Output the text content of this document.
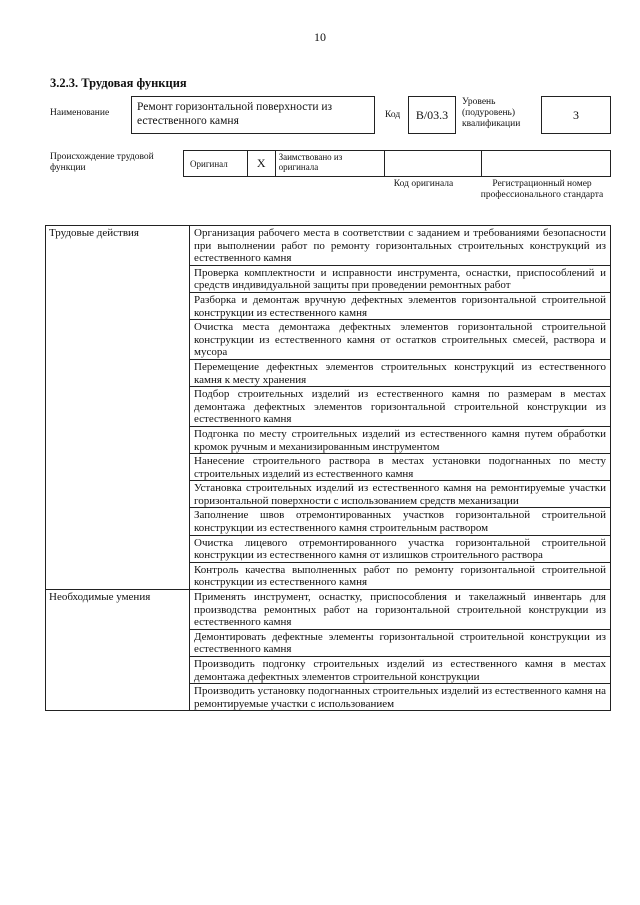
10
3.2.3. Трудовая функция
Наименование	Ремонт горизонтальной поверхности из естественного камня	Код	B/03.3
Уровень (подуровень) квалификации
3
Происхождение трудовой функции	Оригинал	X	Заимствовано из оригинала
Код оригинала	Регистрационный номер профессионального стандарта
Трудовые действия	Организация рабочего места в соответствии с заданием и требованиями безопасности при выполнении работ по ремонту горизонтальных строительных конструкций из естественного камня
	Проверка комплектности и исправности инструмента, оснастки, приспособлений и средств индивидуальной защиты при проведении ремонтных работ
	Разборка и демонтаж вручную дефектных элементов горизонтальной строительной конструкции из естественного камня
	Очистка места демонтажа дефектных элементов горизонтальной строительной конструкции из естественного камня от остатков строительных смесей, раствора и мусора
	Перемещение дефектных элементов строительных конструкций из естественного камня к месту хранения
	Подбор строительных изделий из естественного камня по размерам в местах демонтажа дефектных элементов горизонтальной строительной конструкции из естественного камня
	Подгонка по месту строительных изделий из естественного камня путем обработки кромок ручным и механизированным инструментом
	Нанесение строительного раствора в местах установки подогнанных по месту строительных изделий из естественного камня
	Установка строительных изделий из естественного камня на ремонтируемые участки горизонтальной поверхности с использованием средств механизации
	Заполнение швов отремонтированных участков горизонтальной строительной конструкции из естественного камня строительным раствором
	Очистка лицевого отремонтированного участка горизонтальной строительной конструкции из естественного камня от излишков строительного раствора
	Контроль качества выполненных работ по ремонту горизонтальной строительной конструкции из естественного камня
Необходимые умения	Применять инструмент, оснастку, приспособления и такелажный инвентарь для производства ремонтных работ на горизонтальной строительной конструкции из естественного камня
	Демонтировать дефектные элементы горизонтальной строительной конструкции из естественного камня
	Производить подгонку строительных изделий из естественного камня в местах демонтажа дефектных элементов строительной конструкции
	Производить установку подогнанных строительных изделий из естественного камня на ремонтируемые участки с использованием
